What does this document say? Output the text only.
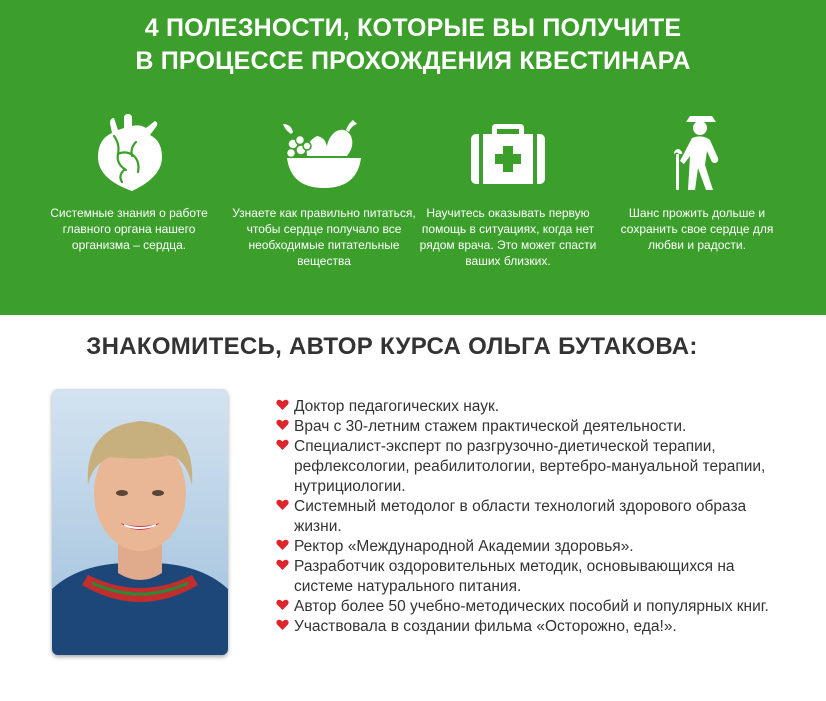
4 ПОЛЕЗНОСТИ, КОТОРЫЕ ВЫ ПОЛУЧИТЕ
В ПРОЦЕССЕ ПРОХОЖДЕНИЯ КВЕСТИНАРА
Системные знания о работе главного органа нашего организма – сердца.
Узнаете как правильно питаться, чтобы сердце получало все необходимые питательные вещества
Научитесь оказывать первую помощь в ситуациях, когда нет рядом врача. Это может спасти ваших близких.
Шанс прожить дольше и сохранить свое сердце для любви и радости.
ЗНАКОМИТЕСЬ, АВТОР КУРСА ОЛЬГА БУТАКОВА:
Доктор педагогических наук.
Врач с 30-летним стажем практической деятельности.
Специалист-эксперт по разгрузочно-диетической терапии, рефлексологии, реабилитологии, вертебро-мануальной терапии, нутрициологии.
Системный методолог в области технологий здорового образа жизни.
Ректор «Международной Академии здоровья».
Разработчик оздоровительных методик, основывающихся на системе натурального питания.
Автор более 50 учебно-методических пособий и популярных книг.
Участвовала в создании фильма «Осторожно, еда!».
